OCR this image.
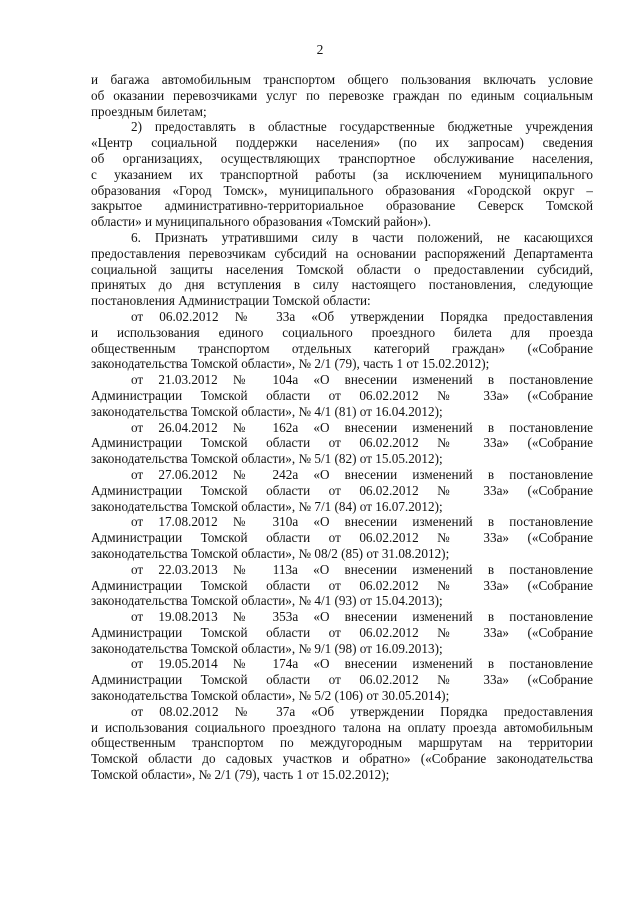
2
и багажа автомобильным транспортом общего пользования включать условие
об оказании перевозчиками услуг по перевозке граждан по единым социальным
проездным билетам;
2) предоставлять в областные государственные бюджетные учреждения
«Центр социальной поддержки населения» (по их запросам) сведения
об организациях, осуществляющих транспортное обслуживание населения,
с указанием их транспортной работы (за исключением муниципального
образования «Город Томск», муниципального образования «Городской округ –
закрытое административно-территориальное образование Северск Томской
области» и муниципального образования «Томский район»).
6. Признать утратившими силу в части положений, не касающихся
предоставления перевозчикам субсидий на основании распоряжений Департамента
социальной защиты населения Томской области о предоставлении субсидий,
принятых до дня вступления в силу настоящего постановления, следующие
постановления Администрации Томской области:
от 06.02.2012 № 33а «Об утверждении Порядка предоставления
и использования единого социального проездного билета для проезда
общественным транспортом отдельных категорий граждан» («Собрание
законодательства Томской области», № 2/1 (79), часть 1 от 15.02.2012);
от 21.03.2012 № 104а «О внесении изменений в постановление
Администрации Томской области от 06.02.2012 № 33а» («Собрание
законодательства Томской области», № 4/1 (81) от 16.04.2012);
от 26.04.2012 № 162а «О внесении изменений в постановление
Администрации Томской области от 06.02.2012 № 33а» («Собрание
законодательства Томской области», № 5/1 (82) от 15.05.2012);
от 27.06.2012 № 242а «О внесении изменений в постановление
Администрации Томской области от 06.02.2012 № 33а» («Собрание
законодательства Томской области», № 7/1 (84) от 16.07.2012);
от 17.08.2012 № 310а «О внесении изменений в постановление
Администрации Томской области от 06.02.2012 № 33а» («Собрание
законодательства Томской области», № 08/2 (85) от 31.08.2012);
от 22.03.2013 № 113а «О внесении изменений в постановление
Администрации Томской области от 06.02.2012 № 33а» («Собрание
законодательства Томской области», № 4/1 (93) от 15.04.2013);
от 19.08.2013 № 353а «О внесении изменений в постановление
Администрации Томской области от 06.02.2012 № 33а» («Собрание
законодательства Томской области», № 9/1 (98) от 16.09.2013);
от 19.05.2014 № 174а «О внесении изменений в постановление
Администрации Томской области от 06.02.2012 № 33а» («Собрание
законодательства Томской области», № 5/2 (106) от 30.05.2014);
от 08.02.2012 № 37а «Об утверждении Порядка предоставления
и использования социального проездного талона на оплату проезда автомобильным
общественным транспортом по междугородным маршрутам на территории
Томской области до садовых участков и обратно» («Собрание законодательства
Томской области», № 2/1 (79), часть 1 от 15.02.2012);
